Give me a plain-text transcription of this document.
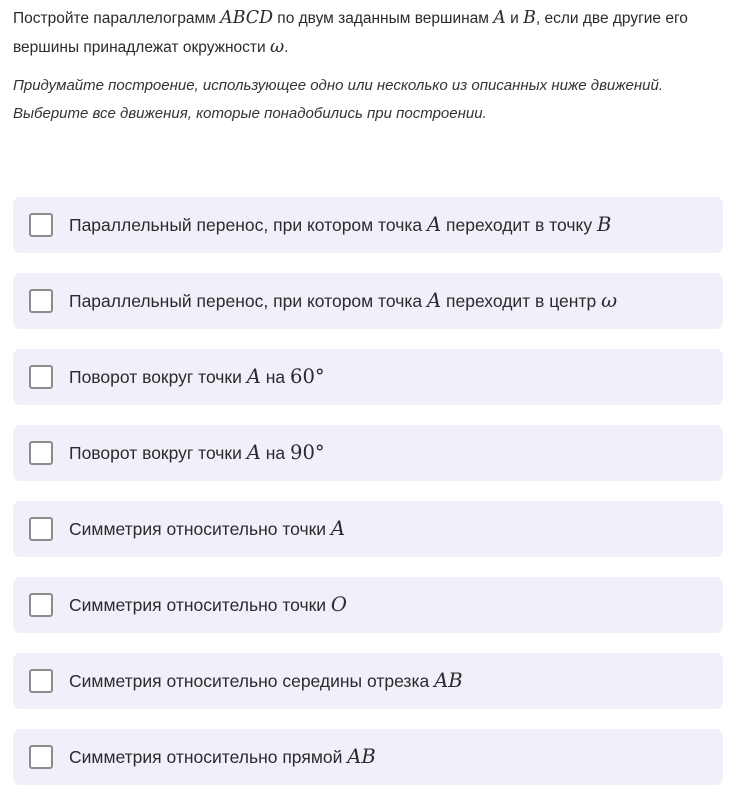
Постройте параллелограмм ABCD по двум заданным вершинам A и B, если две другие его вершины принадлежат окружности ω.

Придумайте построение, использующее одно или несколько из описанных ниже движений.
Выберите все движения, которые понадобились при построении.

Параллельный перенос, при котором точка A переходит в точку B
Параллельный перенос, при котором точка A переходит в центр ω
Поворот вокруг точки A на 60°
Поворот вокруг точки A на 90°
Симметрия относительно точки A
Симметрия относительно точки O
Симметрия относительно середины отрезка AB
Симметрия относительно прямой AB
